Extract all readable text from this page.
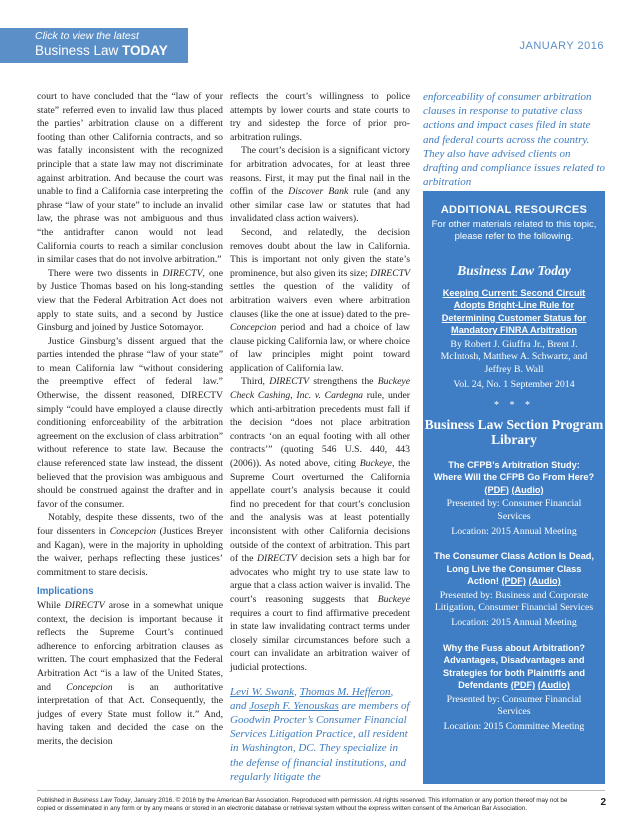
Click to view the latest
Business Law TODAY	JANUARY 2016

court to have concluded that the “law of your state” referred even to invalid law thus placed the parties’ arbitration clause on a different footing than other California contracts, and so was fatally inconsistent with the recognized principle that a state law may not discriminate against arbitration. And because the court was unable to find a California case interpreting the phrase “law of your state” to include an invalid law, the phrase was not ambiguous and thus “the antidrafter canon would not lead California courts to reach a similar conclusion in similar cases that do not involve arbitration.”

There were two dissents in DIRECTV, one by Justice Thomas based on his long-standing view that the Federal Arbitration Act does not apply to state suits, and a second by Justice Ginsburg and joined by Justice Sotomayor.

Justice Ginsburg’s dissent argued that the parties intended the phrase “law of your state” to mean California law “without considering the preemptive effect of federal law.” Otherwise, the dissent reasoned, DIRECTV simply “could have employed a clause directly conditioning enforceability of the arbitration agreement on the exclusion of class arbitration” without reference to state law. Because the clause referenced state law instead, the dissent believed that the provision was ambiguous and should be construed against the drafter and in favor of the consumer.

Notably, despite these dissents, two of the four dissenters in Concepcion (Justices Breyer and Kagan), were in the majority in upholding the waiver, perhaps reflecting these justices’ commitment to stare decisis.

Implications

While DIRECTV arose in a somewhat unique context, the decision is important because it reflects the Supreme Court’s continued adherence to enforcing arbitration clauses as written. The court emphasized that the Federal Arbitration Act “is a law of the United States, and Concepcion is an authoritative interpretation of that Act. Consequently, the judges of every State must follow it.” And, having taken and decided the case on the merits, the decision

reflects the court’s willingness to police attempts by lower courts and state courts to try and sidestep the force of prior pro-arbitration rulings.

The court’s decision is a significant victory for arbitration advocates, for at least three reasons. First, it may put the final nail in the coffin of the Discover Bank rule (and any other similar case law or statutes that had invalidated class action waivers).

Second, and relatedly, the decision removes doubt about the law in California. This is important not only given the state’s prominence, but also given its size; DIRECTV settles the question of the validity of arbitration waivers even where arbitration clauses (like the one at issue) dated to the pre-Concepcion period and had a choice of law clause picking California law, or where choice of law principles might point toward application of California law.

Third, DIRECTV strengthens the Buckeye Check Cashing, Inc. v. Cardegna rule, under which anti-arbitration precedents must fall if the decision “does not place arbitration contracts ‘on an equal footing with all other contracts’” (quoting 546 U.S. 440, 443 (2006)). As noted above, citing Buckeye, the Supreme Court overturned the California appellate court’s analysis because it could find no precedent for that court’s conclusion and the analysis was at least potentially inconsistent with other California decisions outside of the context of arbitration. This part of the DIRECTV decision sets a high bar for advocates who might try to use state law to argue that a class action waiver is invalid. The court’s reasoning suggests that Buckeye requires a court to find affirmative precedent in state law invalidating contract terms under closely similar circumstances before such a court can invalidate an arbitration waiver of judicial protections.

Levi W. Swank, Thomas M. Hefferon, and Joseph F. Yenouskas are members of Goodwin Procter’s Consumer Financial Services Litigation Practice, all resident in Washington, DC. They specialize in the defense of financial institutions, and regularly litigate the
enforceability of consumer arbitration clauses in response to putative class actions and impact cases filed in state and federal courts across the country. They also have advised clients on drafting and compliance issues related to arbitration
ADDITIONAL RESOURCES
For other materials related to this topic, please refer to the following.
Business Law Today
Keeping Current: Second Circuit Adopts Bright-Line Rule for Determining Customer Status for Mandatory FINRA Arbitration
By Robert J. Giuffra Jr., Brent J. McIntosh, Matthew A. Schwartz, and Jeffrey B. Wall
Vol. 24, No. 1 September 2014
* * *
Business Law Section Program Library
The CFPB’s Arbitration Study: Where Will the CFPB Go From Here? (PDF) (Audio)
Presented by: Consumer Financial Services
Location: 2015 Annual Meeting
The Consumer Class Action Is Dead, Long Live the Consumer Class Action! (PDF) (Audio)
Presented by: Business and Corporate Litigation, Consumer Financial Services
Location: 2015 Annual Meeting
Why the Fuss about Arbitration? Advantages, Disadvantages and Strategies for both Plaintiffs and Defendants (PDF) (Audio)
Presented by: Consumer Financial Services
Location: 2015 Committee Meeting
Published in Business Law Today, January 2016. © 2016 by the American Bar Association. Reproduced with permission. All rights reserved. This information or any portion thereof may not be copied or disseminated in any form or by any means or stored in an electronic database or retrieval system without the express written consent of the American Bar Association.
2
